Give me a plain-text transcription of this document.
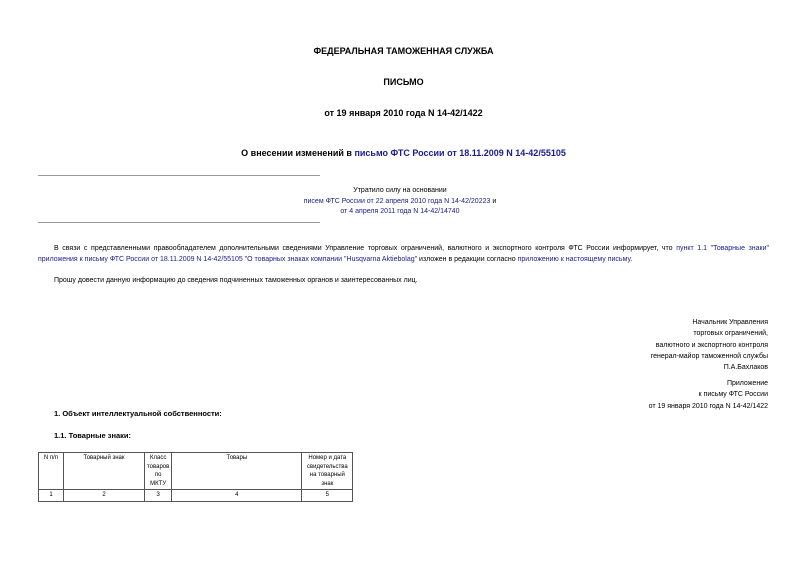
ФЕДЕРАЛЬНАЯ ТАМОЖЕННАЯ СЛУЖБА
ПИСЬМО
от 19 января 2010 года N 14-42/1422
О внесении изменений в письмо ФТС России от 18.11.2009 N 14-42/55105
Утратило силу на основании
писем ФТС России от 22 апреля 2010 года N 14-42/20223 и
от 4 апреля 2011 года N 14-42/14740
В связи с представленными правообладателем дополнительными сведениями Управление торговых ограничений, валютного и экспортного контроля ФТС России информирует, что пункт 1.1 "Товарные знаки" приложения к письму ФТС России от 18.11.2009 N 14-42/55105 "О товарных знаках компании "Husqvarna Aktiebolag" изложен в редакции согласно приложению к настоящему письму.
Прошу довести данную информацию до сведения подчиненных таможенных органов и заинтересованных лиц.
Начальник Управления
торговых ограничений,
валютного и экспортного контроля
генерал-майор таможенной службы
П.А.Бахлаков
Приложение
к письму ФТС России
от 19 января 2010 года N 14-42/1422
1. Объект интеллектуальной собственности:
1.1. Товарные знаки:
N п/п	Товарный знак	Класс товаров по МКТУ	Товары	Номер и дата свидетельства на товарный знак
1	2	3	4	5
